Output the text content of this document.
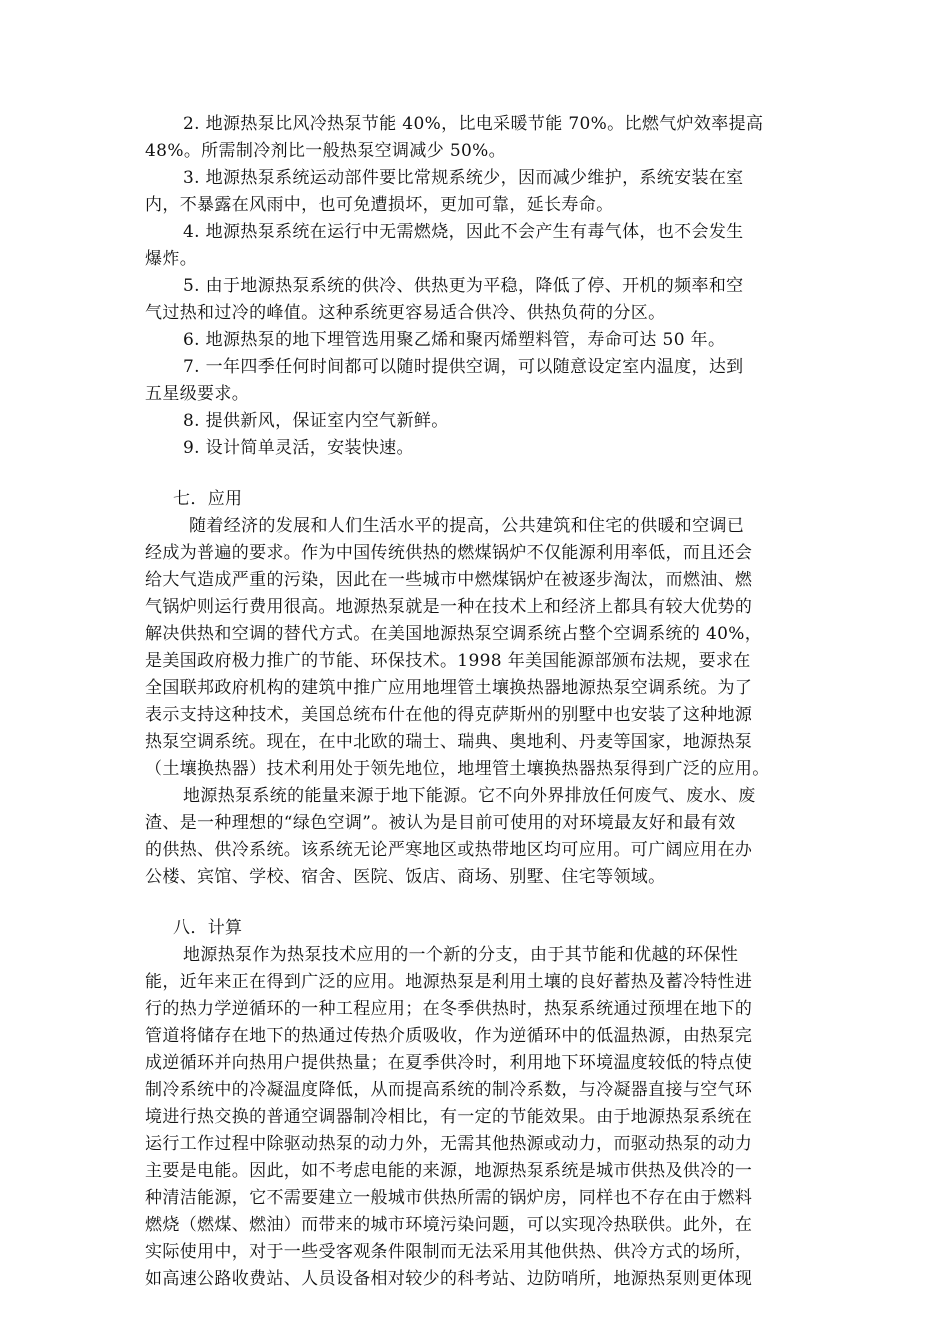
2. 地源热泵比风冷热泵节能 40%，比电采暖节能 70%。比燃气炉效率提高
48%。所需制冷剂比一般热泵空调减少 50%。
3. 地源热泵系统运动部件要比常规系统少，因而减少维护，系统安装在室
内，不暴露在风雨中，也可免遭损坏，更加可靠，延长寿命。
4. 地源热泵系统在运行中无需燃烧，因此不会产生有毒气体，也不会发生
爆炸。
5. 由于地源热泵系统的供冷、供热更为平稳，降低了停、开机的频率和空
气过热和过冷的峰值。这种系统更容易适合供冷、供热负荷的分区。
6. 地源热泵的地下埋管选用聚乙烯和聚丙烯塑料管，寿命可达 50 年。
7. 一年四季任何时间都可以随时提供空调，可以随意设定室内温度，达到
五星级要求。
8. 提供新风，保证室内空气新鲜。
9. 设计简单灵活，安装快速。
七．应用
随着经济的发展和人们生活水平的提高，公共建筑和住宅的供暖和空调已
经成为普遍的要求。作为中国传统供热的燃煤锅炉不仅能源利用率低，而且还会
给大气造成严重的污染，因此在一些城市中燃煤锅炉在被逐步淘汰，而燃油、燃
气锅炉则运行费用很高。地源热泵就是一种在技术上和经济上都具有较大优势的
解决供热和空调的替代方式。在美国地源热泵空调系统占整个空调系统的 40%，
是美国政府极力推广的节能、环保技术。1998 年美国能源部颁布法规，要求在
全国联邦政府机构的建筑中推广应用地埋管土壤换热器地源热泵空调系统。为了
表示支持这种技术，美国总统布什在他的得克萨斯州的别墅中也安装了这种地源
热泵空调系统。现在，在中北欧的瑞士、瑞典、奥地利、丹麦等国家，地源热泵
（土壤换热器）技术利用处于领先地位，地埋管土壤换热器热泵得到广泛的应用。
地源热泵系统的能量来源于地下能源。它不向外界排放任何废气、废水、废
渣、是一种理想的“绿色空调”。被认为是目前可使用的对环境最友好和最有效
的供热、供冷系统。该系统无论严寒地区或热带地区均可应用。可广阔应用在办
公楼、宾馆、学校、宿舍、医院、饭店、商场、别墅、住宅等领域。
八．计算
地源热泵作为热泵技术应用的一个新的分支，由于其节能和优越的环保性
能，近年来正在得到广泛的应用。地源热泵是利用土壤的良好蓄热及蓄冷特性进
行的热力学逆循环的一种工程应用；在冬季供热时，热泵系统通过预埋在地下的
管道将储存在地下的热通过传热介质吸收，作为逆循环中的低温热源，由热泵完
成逆循环并向热用户提供热量；在夏季供冷时，利用地下环境温度较低的特点使
制冷系统中的冷凝温度降低，从而提高系统的制冷系数，与冷凝器直接与空气环
境进行热交换的普通空调器制冷相比，有一定的节能效果。由于地源热泵系统在
运行工作过程中除驱动热泵的动力外，无需其他热源或动力，而驱动热泵的动力
主要是电能。因此，如不考虑电能的来源，地源热泵系统是城市供热及供冷的一
种清洁能源，它不需要建立一般城市供热所需的锅炉房，同样也不存在由于燃料
燃烧（燃煤、燃油）而带来的城市环境污染问题，可以实现冷热联供。此外，在
实际使用中，对于一些受客观条件限制而无法采用其他供热、供冷方式的场所，
如高速公路收费站、人员设备相对较少的科考站、边防哨所，地源热泵则更体现
